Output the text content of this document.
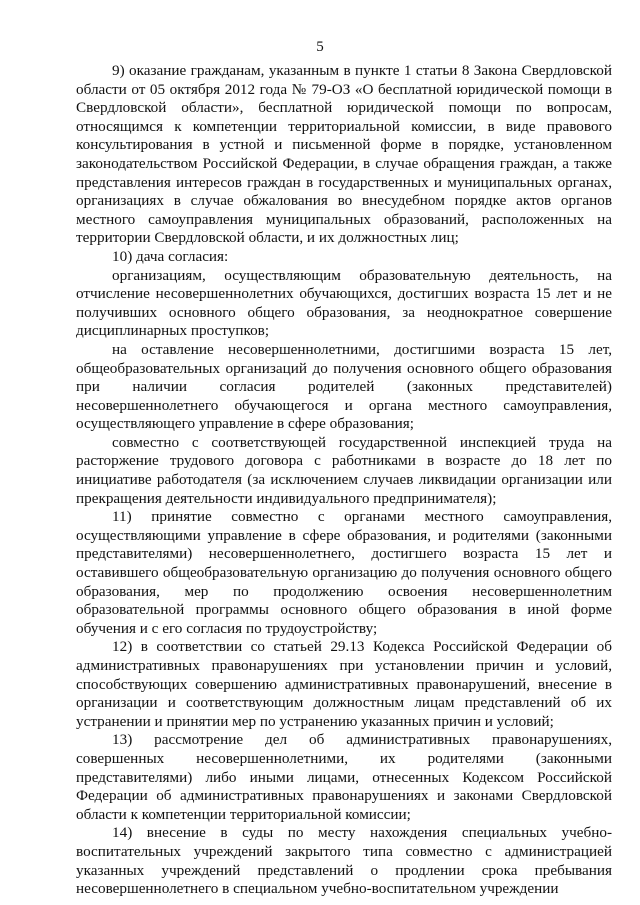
5

9) оказание гражданам, указанным в пункте 1 статьи 8 Закона Свердловской области от 05 октября 2012 года № 79-ОЗ «О бесплатной юридической помощи в Свердловской области», бесплатной юридической помощи по вопросам, относящимся к компетенции территориальной комиссии, в виде правового консультирования в устной и письменной форме в порядке, установленном законодательством Российской Федерации, в случае обращения граждан, а также представления интересов граждан в государственных и муниципальных органах, организациях в случае обжалования во внесудебном порядке актов органов местного самоуправления муниципальных образований, расположенных на территории Свердловской области, и их должностных лиц;

10) дача согласия:

организациям, осуществляющим образовательную деятельность, на отчисление несовершеннолетних обучающихся, достигших возраста 15 лет и не получивших основного общего образования, за неоднократное совершение дисциплинарных проступков;

на оставление несовершеннолетними, достигшими возраста 15 лет, общеобразовательных организаций до получения основного общего образования при наличии согласия родителей (законных представителей) несовершеннолетнего обучающегося и органа местного самоуправления, осуществляющего управление в сфере образования;

совместно с соответствующей государственной инспекцией труда на расторжение трудового договора с работниками в возрасте до 18 лет по инициативе работодателя (за исключением случаев ликвидации организации или прекращения деятельности индивидуального предпринимателя);

11) принятие совместно с органами местного самоуправления, осуществляющими управление в сфере образования, и родителями (законными представителями) несовершеннолетнего, достигшего возраста 15 лет и оставившего общеобразовательную организацию до получения основного общего образования, мер по продолжению освоения несовершеннолетним образовательной программы основного общего образования в иной форме обучения и с его согласия по трудоустройству;

12) в соответствии со статьей 29.13 Кодекса Российской Федерации об административных правонарушениях при установлении причин и условий, способствующих совершению административных правонарушений, внесение в организации и соответствующим должностным лицам представлений об их устранении и принятии мер по устранению указанных причин и условий;

13) рассмотрение дел об административных правонарушениях, совершенных несовершеннолетними, их родителями (законными представителями) либо иными лицами, отнесенных Кодексом Российской Федерации об административных правонарушениях и законами Свердловской области к компетенции территориальной комиссии;

14) внесение в суды по месту нахождения специальных учебно-воспитательных учреждений закрытого типа совместно с администрацией указанных учреждений представлений о продлении срока пребывания несовершеннолетнего в специальном учебно-воспитательном учреждении
